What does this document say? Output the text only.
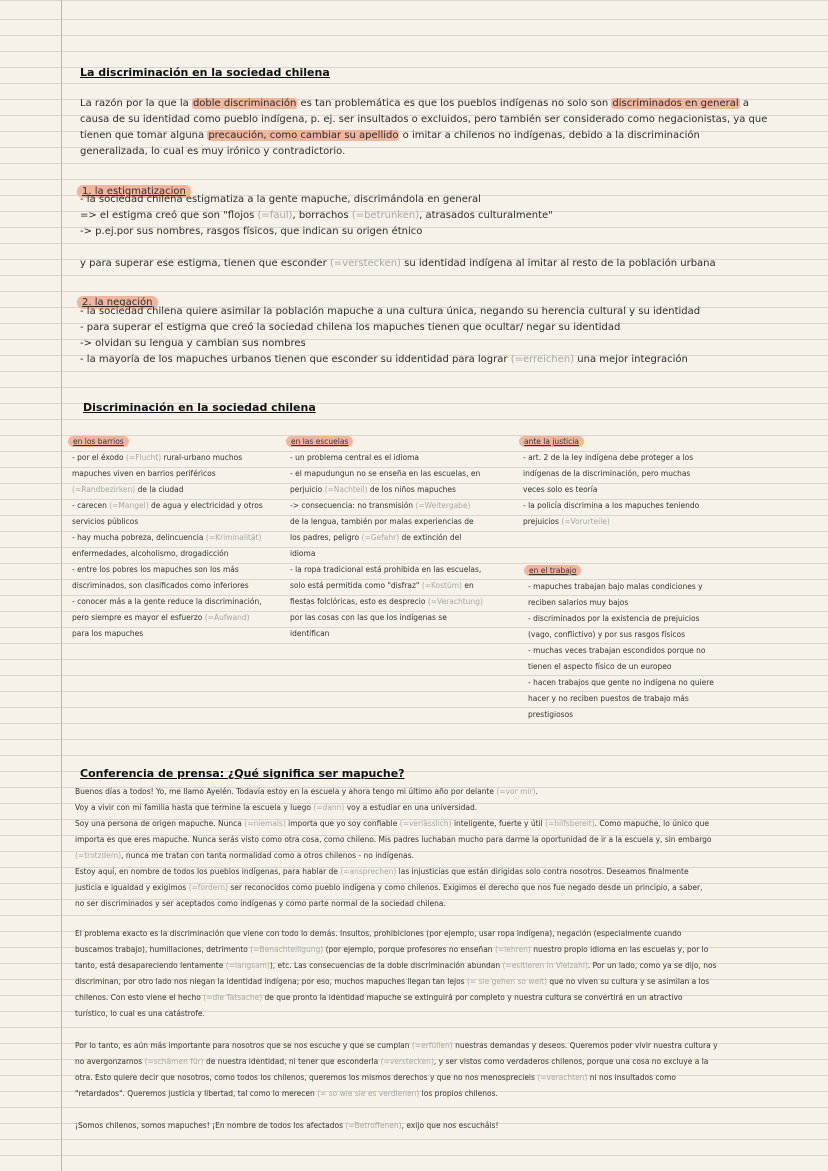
La discriminación en la sociedad chilena
La razón por la que la doble discriminación es tan problemática es que los pueblos indígenas no solo son discriminados en general a causa de su identidad como pueblo indígena, p. ej. ser insultados o excluidos, pero también ser considerado como negacionistas, ya que tienen que tomar alguna precaución, como cambiar su apellido o imitar a chilenos no indígenas, debido a la discriminación generalizada, lo cual es muy irónico y contradictorio.
1. la estigmatizacion
- la sociedad chilena estigmatiza a la gente mapuche, discrimándola en general
=> el estigma creó que son "flojos (=faul), borrachos (=betrunken), atrasados culturalmente"
-> p.ej.por sus nombres, rasgos físicos, que indican su origen étnico
y para superar ese estigma, tienen que esconder (=verstecken) su identidad indígena al imitar al resto de la población urbana
2. la negación
- la sociedad chilena quiere asimilar la población mapuche a una cultura única, negando su herencia cultural y su identidad
- para superar el estigma que creó la sociedad chilena los mapuches tienen que ocultar/ negar su identidad
-> olvidan su lengua y cambian sus nombres
- la mayoría de los mapuches urbanos tienen que esconder su iddentidad para lograr (=erreichen) una mejor integración
Discriminación en la sociedad chilena
en los barrios
- por el éxodo (=Flucht) rural-urbano muchos
mapuches viven en barrios periféricos
(=Randbezirken) de la ciudad
- carecen (=Mangel) de agua y electricidad y otros
servicios públicos
- hay mucha pobreza, delincuencia (=Kriminalität)
enfermedades, alcoholismo, drogadicción
- entre los pobres los mapuches son los más
discriminados, son clasificados como inferiores
- conocer más a la gente reduce la discriminación,
pero siempre es mayor el esfuerzo (=Aufwand)
para los mapuches
en las escuelas
- un problema central es el idioma
- el mapudungun no se enseña en las escuelas, en
perjuicio (=Nachteil) de los niños mapuches
-> consecuencia: no transmisión (=Weitergabe)
de la lengua, también por malas experiencias de
los padres, peligro (=Gefahr) de extinción del
idioma
- la ropa tradicional está prohibida en las escuelas,
solo está permitida como "disfraz" (=Kostüm) en
fiestas folclóricas, esto es desprecio (=Verachtung)
por las cosas con las que los indígenas se
identifican
ante la justicia
- art. 2 de la ley indígena debe proteger a los
indígenas de la discriminación, pero muchas
veces solo es teoría
- la policía discrimina a los mapuches teniendo
prejuicios (=Vorurteile)
en el trabajo
- mapuches trabajan bajo malas condiciones y
reciben salarios muy bajos
- discriminados por la existencia de prejuicios
(vago, conflictivo) y por sus rasgos físicos
- muchas veces trabajan escondidos porque no
tienen el aspecto físico de un europeo
- hacen trabajos que gente no indígena no quiere
hacer y no reciben puestos de trabajo más
prestigiosos
Conferencia de prensa: ¿Qué significa ser mapuche?
Buenos días a todos! Yo, me llamo Ayelén. Todavía estoy en la escuela y ahora tengo mi último año por delante (=vor mir).
Voy a vivir con mi familia hasta que termine la escuela y luego (=dann) voy a estudiar en una universidad.
Soy una persona de origen mapuche. Nunca (=niemals) importa que yo soy confiable (=verlässlich) inteligente, fuerte y útil (=hilfsbereit). Como mapuche, lo único que
importa es que eres mapuche. Nunca serás visto como otra cosa, como chileno. Mis padres luchaban mucho para darme la oportunidad de ir a la escuela y, sin embargo
(=trotzdem), nunca me tratan con tanta normalidad como a otros chilenos - no indígenas.
Estoy aquí, en nombre de todos los pueblos indígenas, para hablar de (=ansprechen) las injusticias que están dirigidas solo contra nosotros. Deseamos finalmente
justicia e igualdad y exigimos (=fordern) ser reconocidos como pueblo indígena y como chilenos. Exigimos el derecho que nos fue negado desde un principio, a saber,
no ser discriminados y ser aceptados como indígenas y como parte normal de la sociedad chilena.
El problema exacto es la discriminación que viene con todo lo demás. Insultos, prohibiciones (por ejemplo, usar ropa indígena), negación (especialmente cuando
buscamos trabajo), humillaciones, detrimento (=Benachteiligung) (por ejemplo, porque profesores no enseñan (=lehren) nuestro propio idioma en las escuelas y, por lo
tanto, está desapareciendo lentamente (=langsam)), etc. Las consecuencias de la doble discriminación abundan (=esitieren in Vielzahl). Por un lado, como ya se dijo, nos
discriminan, por otro lado nos niegan la identidad indígena; por eso, muchos mapuches llegan tan lejos (= sie gehen so weit) que no viven su cultura y se asimilan a los
chilenos. Con esto viene el hecho (=die Tatsache) de que pronto la identidad mapuche se extinguirá por completo y nuestra cultura se convertirá en un atractivo
turístico, lo cual es una catástrofe.
Por lo tanto, es aún más importante para nosotros que se nos escuche y que se cumplan (=erfüllen) nuestras demandas y deseos. Queremos poder vivir nuestra cultura y
no avergonzarnos (=schämen für) de nuestra identidad, ni tener que esconderla (=verstecken), y ser vistos como verdaderos chilenos, porque una cosa no excluye a la
otra. Esto quiere decir que nosotros, como todos los chilenos, queremos los mismos derechos y que no nos menosprecieis (=verachten) ni nos insultados como
"retardados". Queremos justicia y libertad, tal como lo merecen (= so wie sie es verdienen) los propios chilenos.
¡Somos chilenos, somos mapuches! ¡En nombre de todos los afectados (=Betroffenen), exijo que nos escucháis!
